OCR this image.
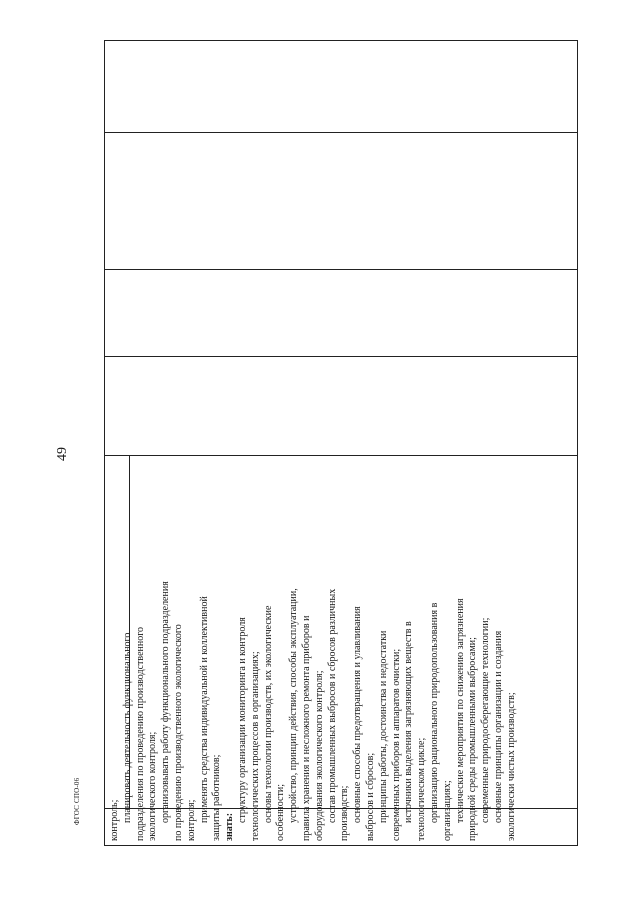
49
ФГОС СПО-06	контроль; планировать деятельность функционального подразделения по проведению производственного экологического контроля; организовывать работу функционального подразделения по проведению производственного экологического контроля; применять средства индивидуальной и коллективной защиты работников; знать:

структуру организации мониторинга и контроля технологических процессов в организациях; основы технологии производств, их экологические особенности; устройство, принцип действия, способы эксплуатации, правила хранения и несложного ремонта приборов и оборудования экологического контроля; состав промышленных выбросов и сбросов различных производств; основные способы предотвращения и улавливания выбросов и сбросов; принципы работы, достоинства и недостатки современных приборов и аппаратов очистки; источники выделения загрязняющих веществ в технологическом цикле; организацию рационального природопользования в организациях; технические мероприятия по снижению загрязнения природной среды промышленными выбросами; современные природосберегающие технологии; основные принципы организации и создания экологически чистых производств;
